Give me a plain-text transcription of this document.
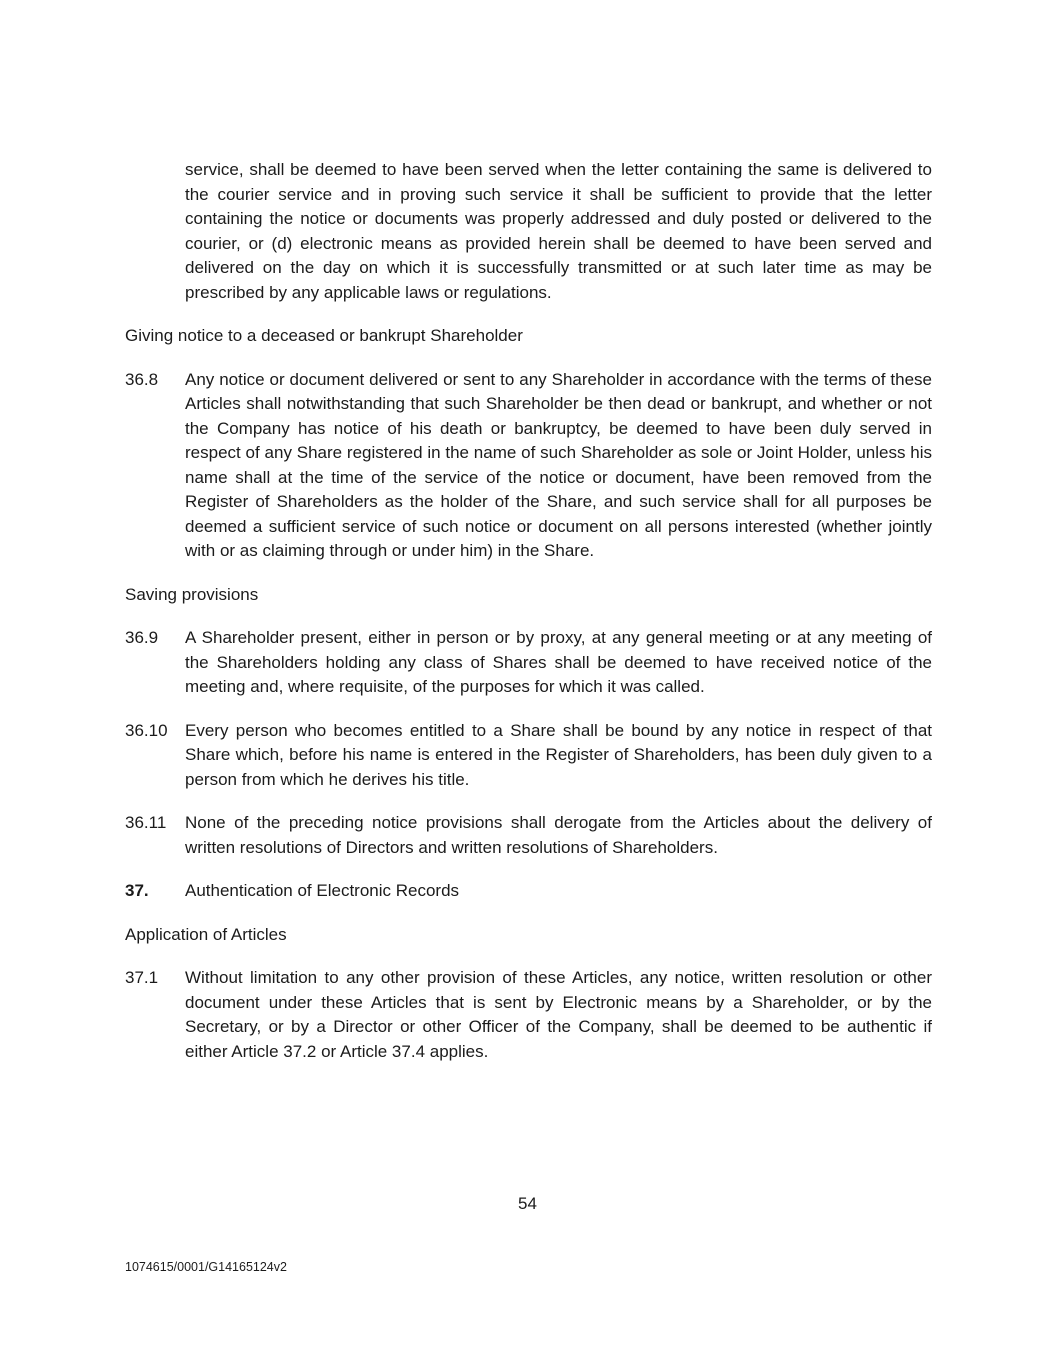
service, shall be deemed to have been served when the letter containing the same is delivered to the courier service and in proving such service it shall be sufficient to provide that the letter containing the notice or documents was properly addressed and duly posted or delivered to the courier, or (d) electronic means as provided herein shall be deemed to have been served and delivered on the day on which it is successfully transmitted or at such later time as may be prescribed by any applicable laws or regulations.

Giving notice to a deceased or bankrupt Shareholder
36.8	Any notice or document delivered or sent to any Shareholder in accordance with the terms of these Articles shall notwithstanding that such Shareholder be then dead or bankrupt, and whether or not the Company has notice of his death or bankruptcy, be deemed to have been duly served in respect of any Share registered in the name of such Shareholder as sole or Joint Holder, unless his name shall at the time of the service of the notice or document, have been removed from the Register of Shareholders as the holder of the Share, and such service shall for all purposes be deemed a sufficient service of such notice or document on all persons interested (whether jointly with or as claiming through or under him) in the Share.

Saving provisions
36.9	A Shareholder present, either in person or by proxy, at any general meeting or at any meeting of the Shareholders holding any class of Shares shall be deemed to have received notice of the meeting and, where requisite, of the purposes for which it was called.

36.10	Every person who becomes entitled to a Share shall be bound by any notice in respect of that Share which, before his name is entered in the Register of Shareholders, has been duly given to a person from which he derives his title.

36.11	None of the preceding notice provisions shall derogate from the Articles about the delivery of written resolutions of Directors and written resolutions of Shareholders.

37.	Authentication of Electronic Records

Application of Articles
37.1	Without limitation to any other provision of these Articles, any notice, written resolution or other document under these Articles that is sent by Electronic means by a Shareholder, or by the Secretary, or by a Director or other Officer of the Company, shall be deemed to be authentic if either Article 37.2 or Article 37.4 applies.

54
1074615/0001/G14165124v2
